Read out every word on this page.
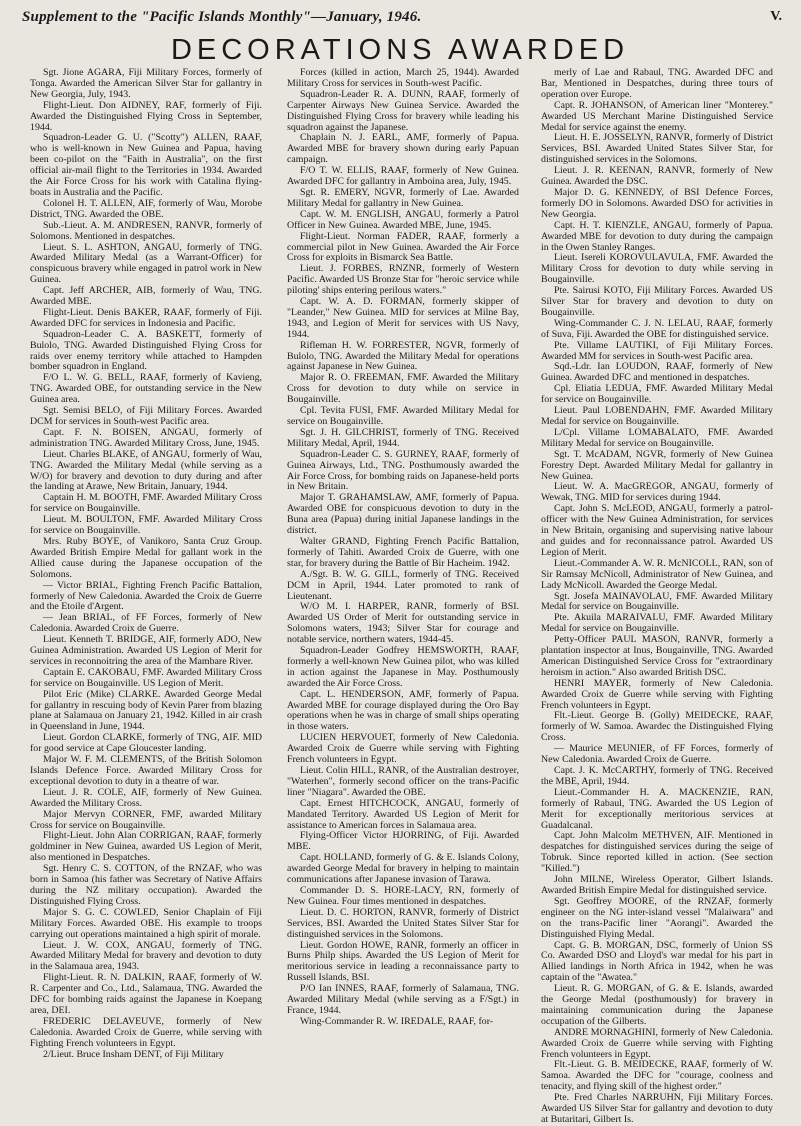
Supplement to the "Pacific Islands Monthly"—January, 1946.	V.
DECORATIONS AWARDED

Sgt. Jione AGARA, Fiji Military Forces, formerly of Tonga. Awarded the American Silver Star for gallantry in New Georgia, July, 1943.

Flight-Lieut. Don AIDNEY, RAF, formerly of Fiji. Awarded the Distinguished Flying Cross in September, 1944.

Squadron-Leader G. U. ("Scotty") ALLEN, RAAF, who is well-known in New Guinea and Papua, having been co-pilot on the "Faith in Australia", on the first official air-mail flight to the Territories in 1934. Awarded the Air Force Cross for his work with Catalina flying-boats in Australia and the Pacific.

Colonel H. T. ALLEN, AIF, formerly of Wau, Morobe District, TNG. Awarded the OBE.

Sub.-Lieut. A. M. ANDRESEN, RANVR, formerly of Solomons. Mentioned in despatches.

Lieut. S. L. ASHTON, ANGAU, formerly of TNG. Awarded Military Medal (as a Warrant-Officer) for conspicuous bravery while engaged in patrol work in New Guinea.

Capt. Jeff ARCHER, AIB, formerly of Wau, TNG. Awarded MBE.

Flight-Lieut. Denis BAKER, RAAF, formerly of Fiji. Awarded DFC for services in Indonesia and Pacific.

Squadron-Leader C. A. BASKETT, formerly of Bulolo, TNG. Awarded Distinguished Flying Cross for raids over enemy territory while attached to Hampden bomber squadron in England.

F/O L. W. G. BELL, RAAF, formerly of Kavieng, TNG. Awarded OBE, for outstanding service in the New Guinea area.

Sgt. Semisi BELO, of Fiji Military Forces. Awarded DCM for services in South-west Pacific area.

Capt. F. N. BOISEN, ANGAU, formerly of administration TNG. Awarded Military Cross, June, 1945.

Lieut. Charles BLAKE, of ANGAU, formerly of Wau, TNG. Awarded the Military Medal (while serving as a W/O) for bravery and devotion to duty during and after the landing at Arawe, New Britain, January, 1944.

Captain H. M. BOOTH, FMF. Awarded Military Cross for service on Bougainville.

Lieut. M. BOULTON, FMF. Awarded Military Cross for service on Bougainville.

Mrs. Ruby BOYE, of Vanikoro, Santa Cruz Group. Awarded British Empire Medal for gallant work in the Allied cause during the Japanese occupation of the Solomons.

— Victor BRIAL, Fighting French Pacific Battalion, formerly of New Caledonia. Awarded the Croix de Guerre and the Etoile d'Argent.

— Jean BRIAL, of FF Forces, formerly of New Caledonia. Awarded Croix de Guerre.

Lieut. Kenneth T. BRIDGE, AIF, formerly ADO, New Guinea Administration. Awarded US Legion of Merit for services in reconnoitring the area of the Mambare River.

Captain E. CAKOBAU, FMF. Awarded Military Cross for service on Bougainville. US Legion of Merit.

Pilot Eric (Mike) CLARKE. Awarded George Medal for gallantry in rescuing body of Kevin Parer from blazing plane at Salamaua on January 21, 1942. Killed in air crash in Queensland in June, 1944.

Lieut. Gordon CLARKE, formerly of TNG, AIF. MID for good service at Cape Gloucester landing.

Major W. F. M. CLEMENTS, of the British Solomon Islands Defence Force. Awarded Military Cross for exceptional devotion to duty in a theatre of war.

Lieut. J. R. COLE, AIF, formerly of New Guinea. Awarded the Military Cross.

Major Mervyn CORNER, FMF, awarded Military Cross for service on Bougainville.

Flight-Lieut. John Alan CORRIGAN, RAAF, formerly goldminer in New Guinea, awarded US Legion of Merit, also mentioned in Despatches.

Sgt. Henry C. S. COTTON, of the RNZAF, who was born in Samoa (his father was Secretary of Native Affairs during the NZ military occupation). Awarded the Distinguished Flying Cross.

Major S. G. C. COWLED, Senior Chaplain of Fiji Military Forces. Awarded OBE. His example to troops carrying out operations maintained a high spirit of morale.

Lieut. J. W. COX, ANGAU, formerly of TNG. Awarded Military Medal for bravery and devotion to duty in the Salamaua area, 1943.

Flight-Lieut. R. N. DALKIN, RAAF, formerly of W. R. Carpenter and Co., Ltd., Salamaua, TNG. Awarded the DFC for bombing raids against the Japanese in Koepang area, DEI.

FREDERIC DELAVEUVE, formerly of New Caledonia. Awarded Croix de Guerre, while serving with Fighting French volunteers in Egypt.

2/Lieut. Bruce Insham DENT, of Fiji Military

Forces (killed in action, March 25, 1944). Awarded Military Cross for services in South-west Pacific.

Squadron-Leader R. A. DUNN, RAAF, formerly of Carpenter Airways New Guinea Service. Awarded the Distinguished Flying Cross for bravery while leading his squadron against the Japanese.

Chaplain N. J. EARL, AMF, formerly of Papua. Awarded MBE for bravery shown during early Papuan campaign.

F/O T. W. ELLIS, RAAF, formerly of New Guinea. Awarded DFC for gallantry in Amboina area, July, 1945.

Sgt. R. EMERY, NGVR, formerly of Lae. Awarded Military Medal for gallantry in New Guinea.

Capt. W. M. ENGLISH, ANGAU, formerly a Patrol Officer in New Guinea. Awarded MBE, June, 1945.

Flight-Lieut. Norman FADER, RAAF, formerly a commercial pilot in New Guinea. Awarded the Air Force Cross for exploits in Bismarck Sea Battle.

Lieut. J. FORBES, RNZNR, formerly of Western Pacific. Awarded US Bronze Star for "heroic service while piloting' ships entering perilous waters."

Capt. W. A. D. FORMAN, formerly skipper of "Leander," New Guinea. MID for services at Milne Bay, 1943, and Legion of Merit for services with US Navy, 1944.

Rifleman H. W. FORRESTER, NGVR, formerly of Bulolo, TNG. Awarded the Military Medal for operations against Japanese in New Guinea.

Major R. O. FREEMAN, FMF. Awarded the Military Cross for devotion to duty while on service in Bougainville.

Cpl. Tevita FUSI, FMF. Awarded Military Medal for service on Bougainville.

Sgt. J. H. GILCHRIST, formerly of TNG. Received Military Medal, April, 1944.

Squadron-Leader C. S. GURNEY, RAAF, formerly of Guinea Airways, Ltd., TNG. Posthumously awarded the Air Force Cross, for bombing raids on Japanese-held ports in New Britain.

Major T. GRAHAMSLAW, AMF, formerly of Papua. Awarded OBE for conspicuous devotion to duty in the Buna area (Papua) during initial Japanese landings in the district.

Walter GRAND, Fighting French Pacific Battalion, formerly of Tahiti. Awarded Croix de Guerre, with one star, for bravery during the Battle of Bir Hacheim. 1942.

A./Sgt. B. W. G. GILL, formerly of TNG. Received DCM in April, 1944. Later promoted to rank of Lieutenant.

W/O M. I. HARPER, RANR, formerly of BSI. Awarded US Order of Merit for outstanding service in Solomons waters, 1943; Silver Star for courage and notable service, northern waters, 1944-45.

Squadron-Leader Godfrey HEMSWORTH, RAAF, formerly a well-known New Guinea pilot, who was killed in action against the Japanese in May. Posthumously awarded the Air Force Cross.

Capt. L. HENDERSON, AMF, formerly of Papua. Awarded MBE for courage displayed during the Oro Bay operations when he was in charge of small ships operating in those waters.

LUCIEN HERVOUET, formerly of New Caledonia. Awarded Croix de Guerre while serving with Fighting French volunteers in Egypt.

Lieut. Colin HILL, RANR, of the Australian destroyer, "Waterhen", formerly second officer on the trans-Pacific liner "Niagara". Awarded the OBE.

Capt. Ernest HITCHCOCK, ANGAU, formerly of Mandated Territory. Awarded US Legion of Merit for assistance to American forces in Salamaua area.

Flying-Officer Victor HJORRING, of Fiji. Awarded MBE.

Capt. HOLLAND, formerly of G. & E. Islands Colony, awarded George Medal for bravery in helping to maintain communications after Japanese invasion of Tarawa.

Commander D. S. HORE-LACY, RN, formerly of New Guinea. Four times mentioned in despatches.

Lieut. D. C. HORTON, RANVR, formerly of District Services, BSI. Awarded the United States Silver Star for distinguished services in the Solomons.

Lieut. Gordon HOWE, RANR, formerly an officer in Burns Philp ships. Awarded the US Legion of Merit for meritorious service in leading a reconnaissance party to Russell Islands, BSI.

P/O Ian INNES, RAAF, formerly of Salamaua, TNG. Awarded Military Medal (while serving as a F/Sgt.) in France, 1944.

Wing-Commander R. W. IREDALE, RAAF, for-

merly of Lae and Rabaul, TNG. Awarded DFC and Bar, Mentioned in Despatches, during three tours of operation over Europe.

Capt. R. JOHANSON, of American liner "Monterey." Awarded US Merchant Marine Distinguished Service Medal for service against the enemy.

Lieut. H. E. JOSSELYN, RANVR, formerly of District Services, BSI. Awarded United States Silver Star, for distinguished services in the Solomons.

Lieut. J. R. KEENAN, RANVR, formerly of New Guinea. Awarded the DSC.

Major D. G. KENNEDY, of BSI Defence Forces, formerly DO in Solomons. Awarded DSO for activities in New Georgia.

Capt. H. T. KIENZLE, ANGAU, formerly of Papua. Awarded MBE for devotion to duty during the campaign in the Owen Stanley Ranges.

Lieut. Isereli KOROVULAVULA, FMF. Awarded the Military Cross for devotion to duty while serving in Bougainville.

Pte. Sairusi KOTO, Fiji Military Forces. Awarded US Silver Star for bravery and devotion to duty on Bougainville.

Wing-Commander C. J. N. LELAU, RAAF, formerly of Suva, Fiji. Awarded the OBE for distinguished service.

Pte. Villame LAUTIKI, of Fiji Military Forces. Awarded MM for services in South-west Pacific area.

Sqd.-Ldr. Ian LOUDON, RAAF, formerly of New Guinea. Awarded DFC and mentioned in despatches.

Cpl. Eliatia LEDUA, FMF. Awarded Military Medal for service on Bougainville.

Lieut. Paul LOBENDAHN, FMF. Awarded Military Medal for service on Bougainville.

L/Cpl. Villame LOMABALATO, FMF. Awarded Military Medal for service on Bougainville.

Sgt. T. McADAM, NGVR, formerly of New Guinea Forestry Dept. Awarded Military Medal for gallantry in New Guinea.

Lieut. W. A. MacGREGOR, ANGAU, formerly of Wewak, TNG. MID for services during 1944.

Capt. John S. McLEOD, ANGAU, formerly a patrol-officer with the New Guinea Administration, for services in New Britain, organising and supervising native labour and guides and for reconnaissance patrol. Awarded US Legion of Merit.

Lieut.-Commander A. W. R. McNICOLL, RAN, son of Sir Ramsay McNicoll, Administrator of New Guinea, and Lady McNicoll. Awarded the George Medal.

Sgt. Josefa MAINAVOLAU, FMF. Awarded Military Medal for service on Bougainville.

Pte. Akuila MARAIVALU, FMF. Awarded Military Medal for service on Bougainville.

Petty-Officer PAUL MASON, RANVR, formerly a plantation inspector at Inus, Bougainville, TNG. Awarded American Distinguished Service Cross for "extraordinary heroism in action." Also awarded British DSC.

HENRI MAYER, formerly of New Caledonia. Awarded Croix de Guerre while serving with Fighting French volunteers in Egypt.

Flt.-Lieut. George B. (Golly) MEIDECKE, RAAF, formerly of W. Samoa. Awardec the Distinguished Flying Cross.

— Maurice MEUNIER, of FF Forces, formerly of New Caledonia. Awarded Croix de Guerre.

Capt. J. K. McCARTHY, formerly of TNG. Received the MBE, April, 1944.

Lieut.-Commander H. A. MACKENZIE, RAN, formerly of Rabaul, TNG. Awarded the US Legion of Merit for exceptionally meritorious services at Guadalcanal.

Capt. John Malcolm METHVEN, AIF. Mentioned in despatches for distinguished services during the seige of Tobruk. Since reported killed in action. (See section "Killed.")

John MILNE, Wireless Operator, Gilbert Islands. Awarded British Empire Medal for distinguished service.

Sgt. Geoffrey MOORE, of the RNZAF, formerly engineer on the NG inter-island vessel "Malaiwara" and on the trans-Pacific liner "Aorangi". Awarded the Distinguished Flying Medal.

Capt. G. B. MORGAN, DSC, formerly of Union SS Co. Awarded DSO and Lloyd's war medal for his part in Allied landings in North Africa in 1942, when he was captain of the "Awatea."

Lieut. R. G. MORGAN, of G. & E. Islands, awarded the George Medal (posthumously) for bravery in maintaining communication during the Japanese occupation of the Gilberts.

ANDRE MORNAGHINI, formerly of New Caledonia. Awarded Croix de Guerre while serving with Fighting French volunteers in Egypt.

Flt.-Lieut. G. B. MEIDECKE, RAAF, formerly of W. Samoa. Awarded the DFC for "courage, coolness and tenacity, and flying skill of the highest order."

Pte. Fred Charles NARRUHN, Fiji Military Forces. Awarded US Silver Star for gallantry and devotion to duty at Butaritari, Gilbert Is.
